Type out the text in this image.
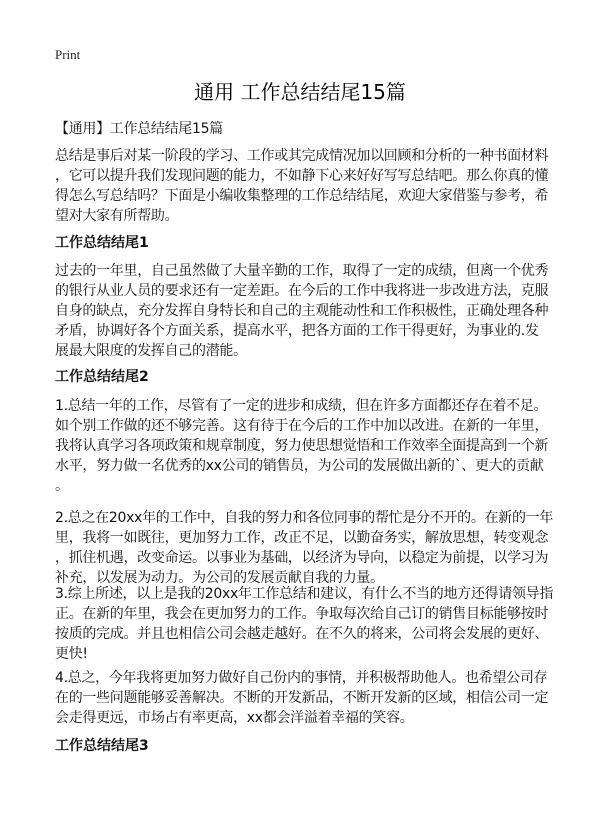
Print
通用 工作总结结尾15篇
【通用】工作总结结尾15篇
总结是事后对某一阶段的学习、工作或其完成情况加以回顾和分析的一种书面材料
，它可以提升我们发现问题的能力，不如静下心来好好写写总结吧。那么你真的懂
得怎么写总结吗？下面是小编收集整理的工作总结结尾，欢迎大家借鉴与参考，希
望对大家有所帮助。
工作总结结尾1
过去的一年里，自己虽然做了大量辛勤的工作，取得了一定的成绩，但离一个优秀
的银行从业人员的要求还有一定差距。在今后的工作中我将进一步改进方法，克服
自身的缺点，充分发挥自身特长和自己的主观能动性和工作积极性，正确处理各种
矛盾，协调好各个方面关系，提高水平，把各方面的工作干得更好，为事业的.发
展最大限度的发挥自己的潜能。
工作总结结尾2
1.总结一年的工作，尽管有了一定的进步和成绩，但在许多方面都还存在着不足。
如个别工作做的还不够完善。这有待于在今后的工作中加以改进。在新的一年里，
我将认真学习各项政策和规章制度，努力使思想觉悟和工作效率全面提高到一个新
水平，努力做一名优秀的xx公司的销售员，为公司的发展做出新的`、更大的贡献
。
2.总之在20xx年的工作中，自我的努力和各位同事的帮忙是分不开的。在新的一年
里，我将一如既往，更加努力工作，改正不足，以勤奋务实，解放思想，转变观念
，抓住机遇，改变命运。以事业为基础，以经济为导向，以稳定为前提，以学习为
补充，以发展为动力。为公司的发展贡献自我的力量。
3.综上所述，以上是我的20xx年工作总结和建议，有什么不当的地方还得请领导指
正。在新的年里，我会在更加努力的工作。争取每次给自己订的销售目标能够按时
按质的完成。并且也相信公司会越走越好。在不久的将来，公司将会发展的更好、
更快!
4.总之，今年我将更加努力做好自己份内的事情，并积极帮助他人。也希望公司存
在的一些问题能够妥善解决。不断的开发新品，不断开发新的区域，相信公司一定
会走得更远，市场占有率更高，xx都会洋溢着幸福的笑容。
工作总结结尾3
